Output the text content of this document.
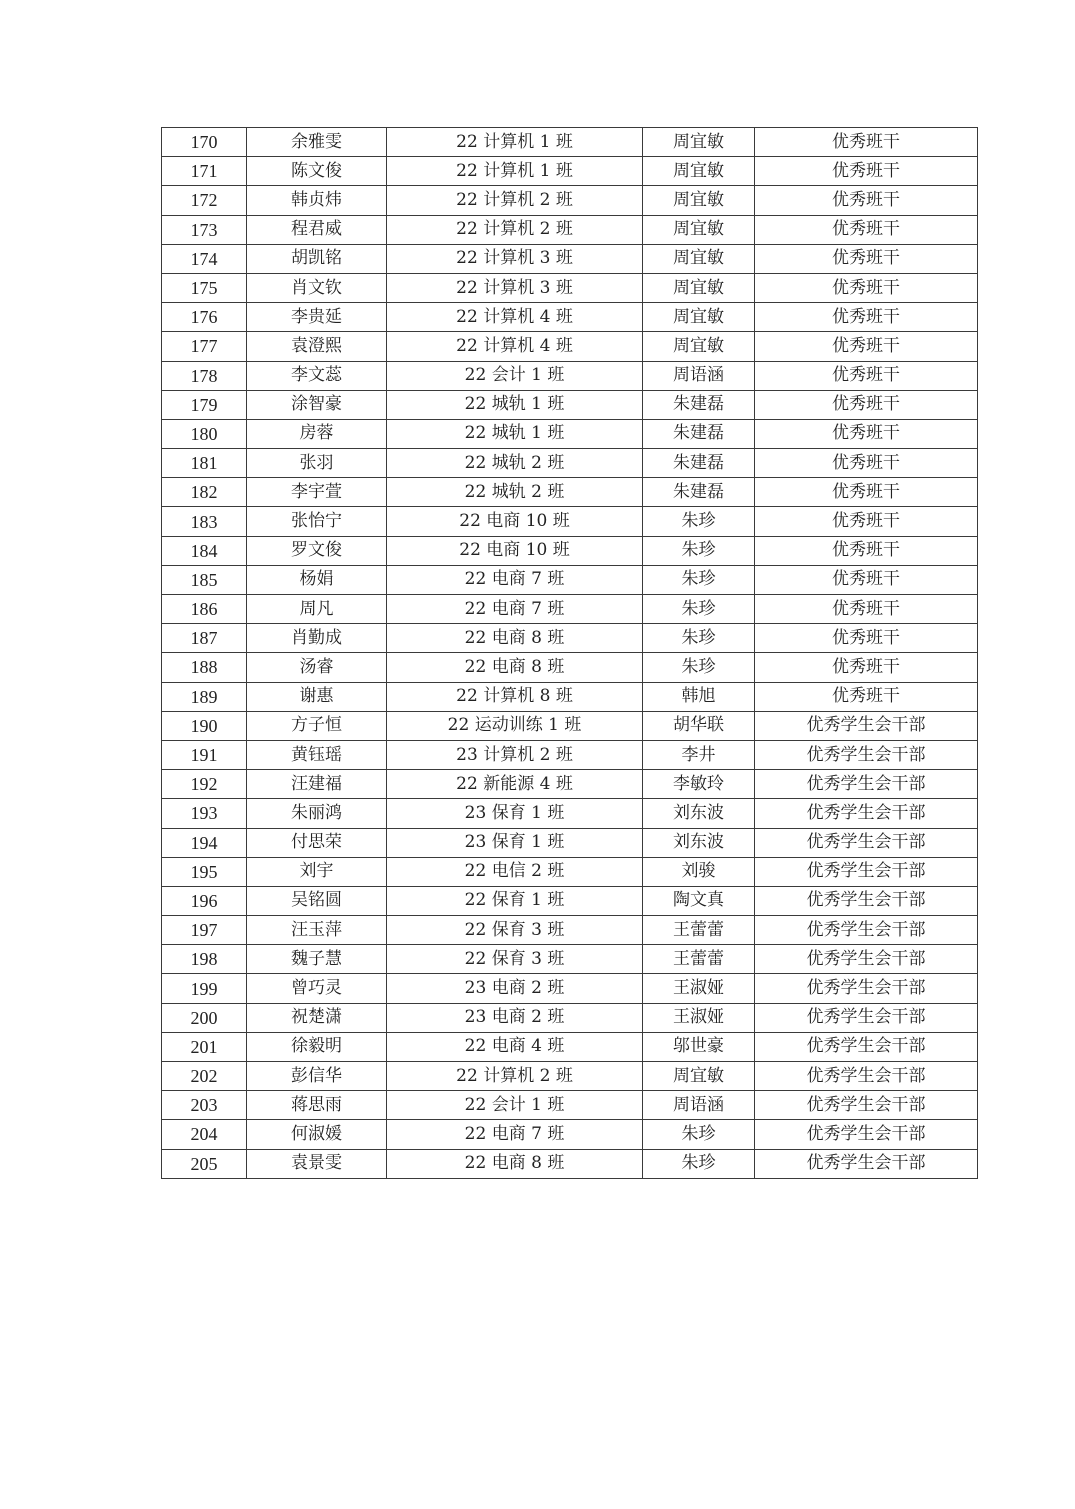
170	余雅雯	22 计算机 1 班	周宜敏	优秀班干
171	陈文俊	22 计算机 1 班	周宜敏	优秀班干
172	韩贞炜	22 计算机 2 班	周宜敏	优秀班干
173	程君威	22 计算机 2 班	周宜敏	优秀班干
174	胡凯铭	22 计算机 3 班	周宜敏	优秀班干
175	肖文钦	22 计算机 3 班	周宜敏	优秀班干
176	李贵延	22 计算机 4 班	周宜敏	优秀班干
177	袁澄熙	22 计算机 4 班	周宜敏	优秀班干
178	李文蕊	22 会计 1 班	周语涵	优秀班干
179	涂智豪	22 城轨 1 班	朱建磊	优秀班干
180	房蓉	22 城轨 1 班	朱建磊	优秀班干
181	张羽	22 城轨 2 班	朱建磊	优秀班干
182	李宇萱	22 城轨 2 班	朱建磊	优秀班干
183	张怡宁	22 电商 10 班	朱珍	优秀班干
184	罗文俊	22 电商 10 班	朱珍	优秀班干
185	杨娟	22 电商 7 班	朱珍	优秀班干
186	周凡	22 电商 7 班	朱珍	优秀班干
187	肖勤成	22 电商 8 班	朱珍	优秀班干
188	汤睿	22 电商 8 班	朱珍	优秀班干
189	谢惠	22 计算机 8 班	韩旭	优秀班干
190	方子恒	22 运动训练 1 班	胡华联	优秀学生会干部
191	黄钰瑶	23 计算机 2 班	李井	优秀学生会干部
192	汪建福	22 新能源 4 班	李敏玲	优秀学生会干部
193	朱丽鸿	23 保育 1 班	刘东波	优秀学生会干部
194	付思荣	23 保育 1 班	刘东波	优秀学生会干部
195	刘宇	22 电信 2 班	刘骏	优秀学生会干部
196	吴铭圆	22 保育 1 班	陶文真	优秀学生会干部
197	汪玉萍	22 保育 3 班	王蕾蕾	优秀学生会干部
198	魏子慧	22 保育 3 班	王蕾蕾	优秀学生会干部
199	曾巧灵	23 电商 2 班	王淑娅	优秀学生会干部
200	祝楚潇	23 电商 2 班	王淑娅	优秀学生会干部
201	徐毅明	22 电商 4 班	邬世豪	优秀学生会干部
202	彭信华	22 计算机 2 班	周宜敏	优秀学生会干部
203	蒋思雨	22 会计 1 班	周语涵	优秀学生会干部
204	何淑媛	22 电商 7 班	朱珍	优秀学生会干部
205	袁景雯	22 电商 8 班	朱珍	优秀学生会干部
